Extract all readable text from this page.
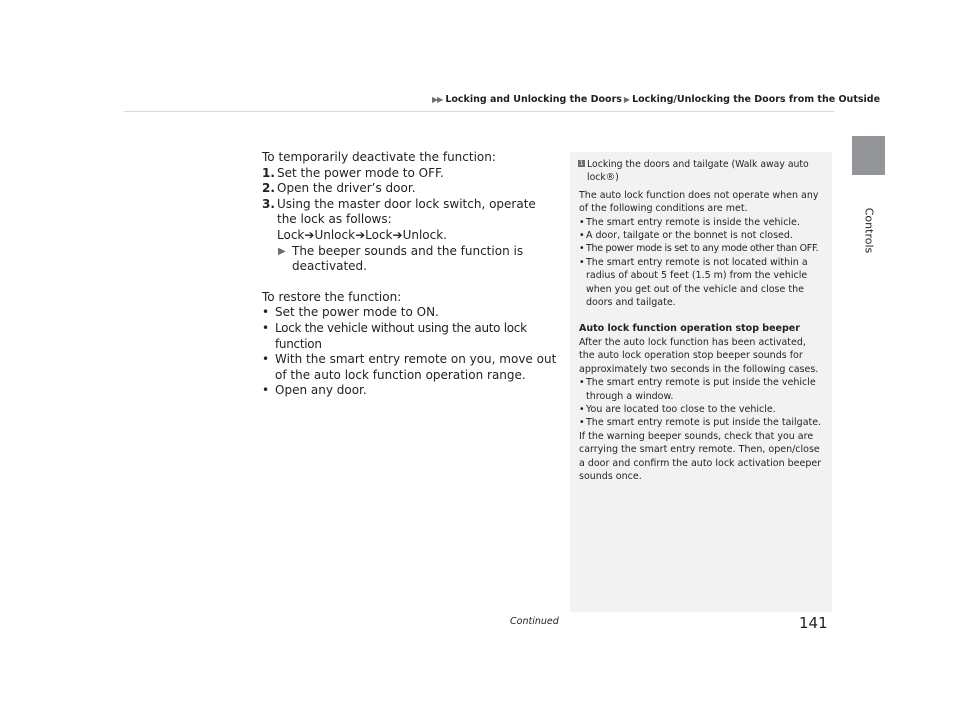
▶▶ Locking and Unlocking the Doors ▶ Locking/Unlocking the Doors from the Outside
Controls

To temporarily deactivate the function:

1. Set the power mode to OFF.
2. Open the driver’s door.
3. Using the master door lock switch, operate the lock as follows:
Lock➔Unlock➔Lock➔Unlock.
▶ The beeper sounds and the function is deactivated.

To restore the function:

• Set the power mode to ON.
• Lock the vehicle without using the auto lock function
• With the smart entry remote on you, move out of the auto lock function operation range.
• Open any door.
1 Locking the doors and tailgate (Walk away auto lock®)

The auto lock function does not operate when any of the following conditions are met.

• The smart entry remote is inside the vehicle.
• A door, tailgate or the bonnet is not closed.
• The power mode is set to any mode other than OFF.
• The smart entry remote is not located within a radius of about 5 feet (1.5 m) from the vehicle when you get out of the vehicle and close the doors and tailgate.

Auto lock function operation stop beeper

After the auto lock function has been activated, the auto lock operation stop beeper sounds for approximately two seconds in the following cases.

• The smart entry remote is put inside the vehicle through a window.
• You are located too close to the vehicle.
• The smart entry remote is put inside the tailgate.

If the warning beeper sounds, check that you are carrying the smart entry remote. Then, open/close a door and confirm the auto lock activation beeper sounds once.

Continued	141
